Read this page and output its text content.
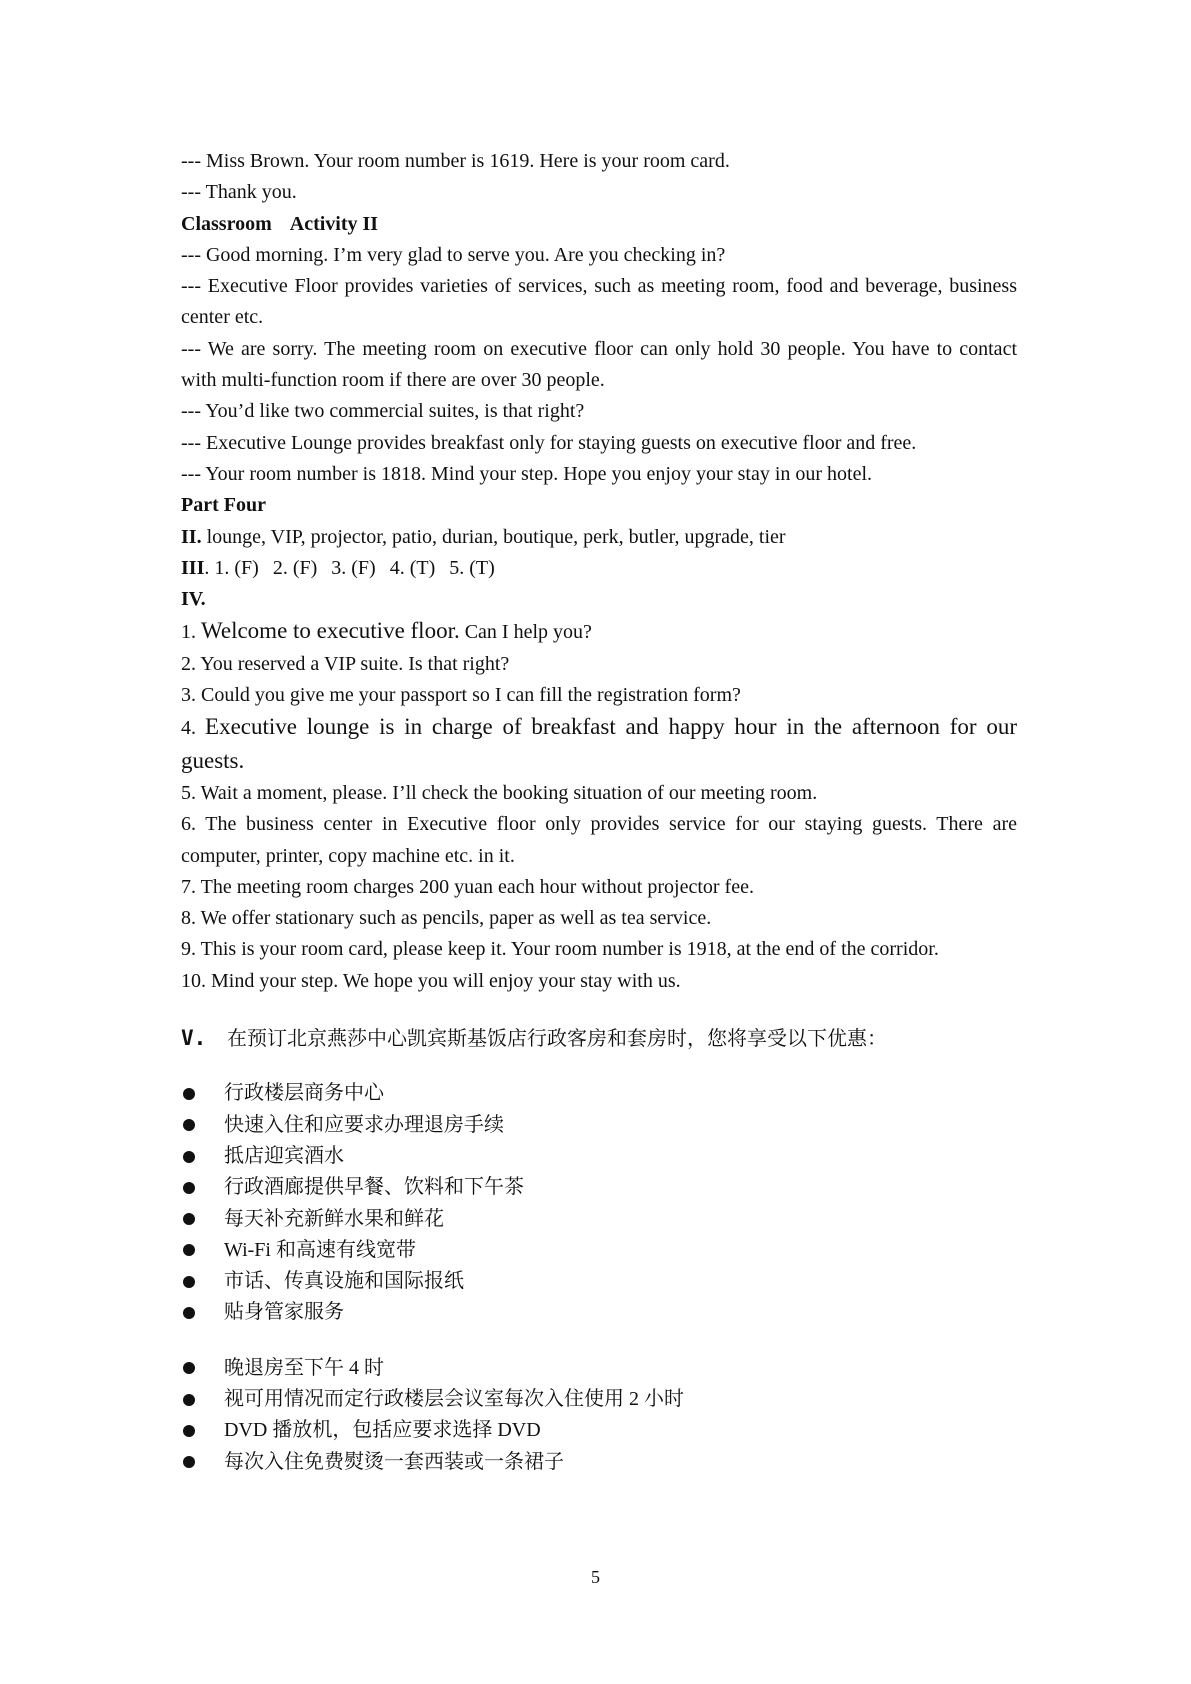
--- Miss Brown. Your room number is 1619. Here is your room card.

--- Thank you.

Classroom Activity II

--- Good morning. I’m very glad to serve you. Are you checking in?

--- Executive Floor provides varieties of services, such as meeting room, food and beverage, business center etc.

--- We are sorry. The meeting room on executive floor can only hold 30 people. You have to contact with multi-function room if there are over 30 people.

--- You’d like two commercial suites, is that right?

--- Executive Lounge provides breakfast only for staying guests on executive floor and free.

--- Your room number is 1818. Mind your step. Hope you enjoy your stay in our hotel.

Part Four

II. lounge, VIP, projector, patio, durian, boutique, perk, butler, upgrade, tier

III. 1. (F) 2. (F) 3. (F) 4. (T) 5. (T)

IV.

1. Welcome to executive floor. Can I help you?

2. You reserved a VIP suite. Is that right?

3. Could you give me your passport so I can fill the registration form?

4. Executive lounge is in charge of breakfast and happy hour in the afternoon for our guests.

5. Wait a moment, please. I’ll check the booking situation of our meeting room.

6. The business center in Executive floor only provides service for our staying guests. There are computer, printer, copy machine etc. in it.

7. The meeting room charges 200 yuan each hour without projector fee.

8. We offer stationary such as pencils, paper as well as tea service.

9. This is your room card, please keep it. Your room number is 1918, at the end of the corridor.

10. Mind your step. We hope you will enjoy your stay with us.

V.	在预订北京燕莎中心凯宾斯基饭店行政客房和套房时，您将享受以下优惠：
行政楼层商务中心
快速入住和应要求办理退房手续
抵店迎宾酒水
行政酒廊提供早餐、饮料和下午茶
每天补充新鲜水果和鲜花
Wi-Fi 和高速有线宽带
市话、传真设施和国际报纸
贴身管家服务
晚退房至下午 4 时
视可用情况而定行政楼层会议室每次入住使用 2 小时
DVD 播放机，包括应要求选择 DVD
每次入住免费熨烫一套西装或一条裙子
5
